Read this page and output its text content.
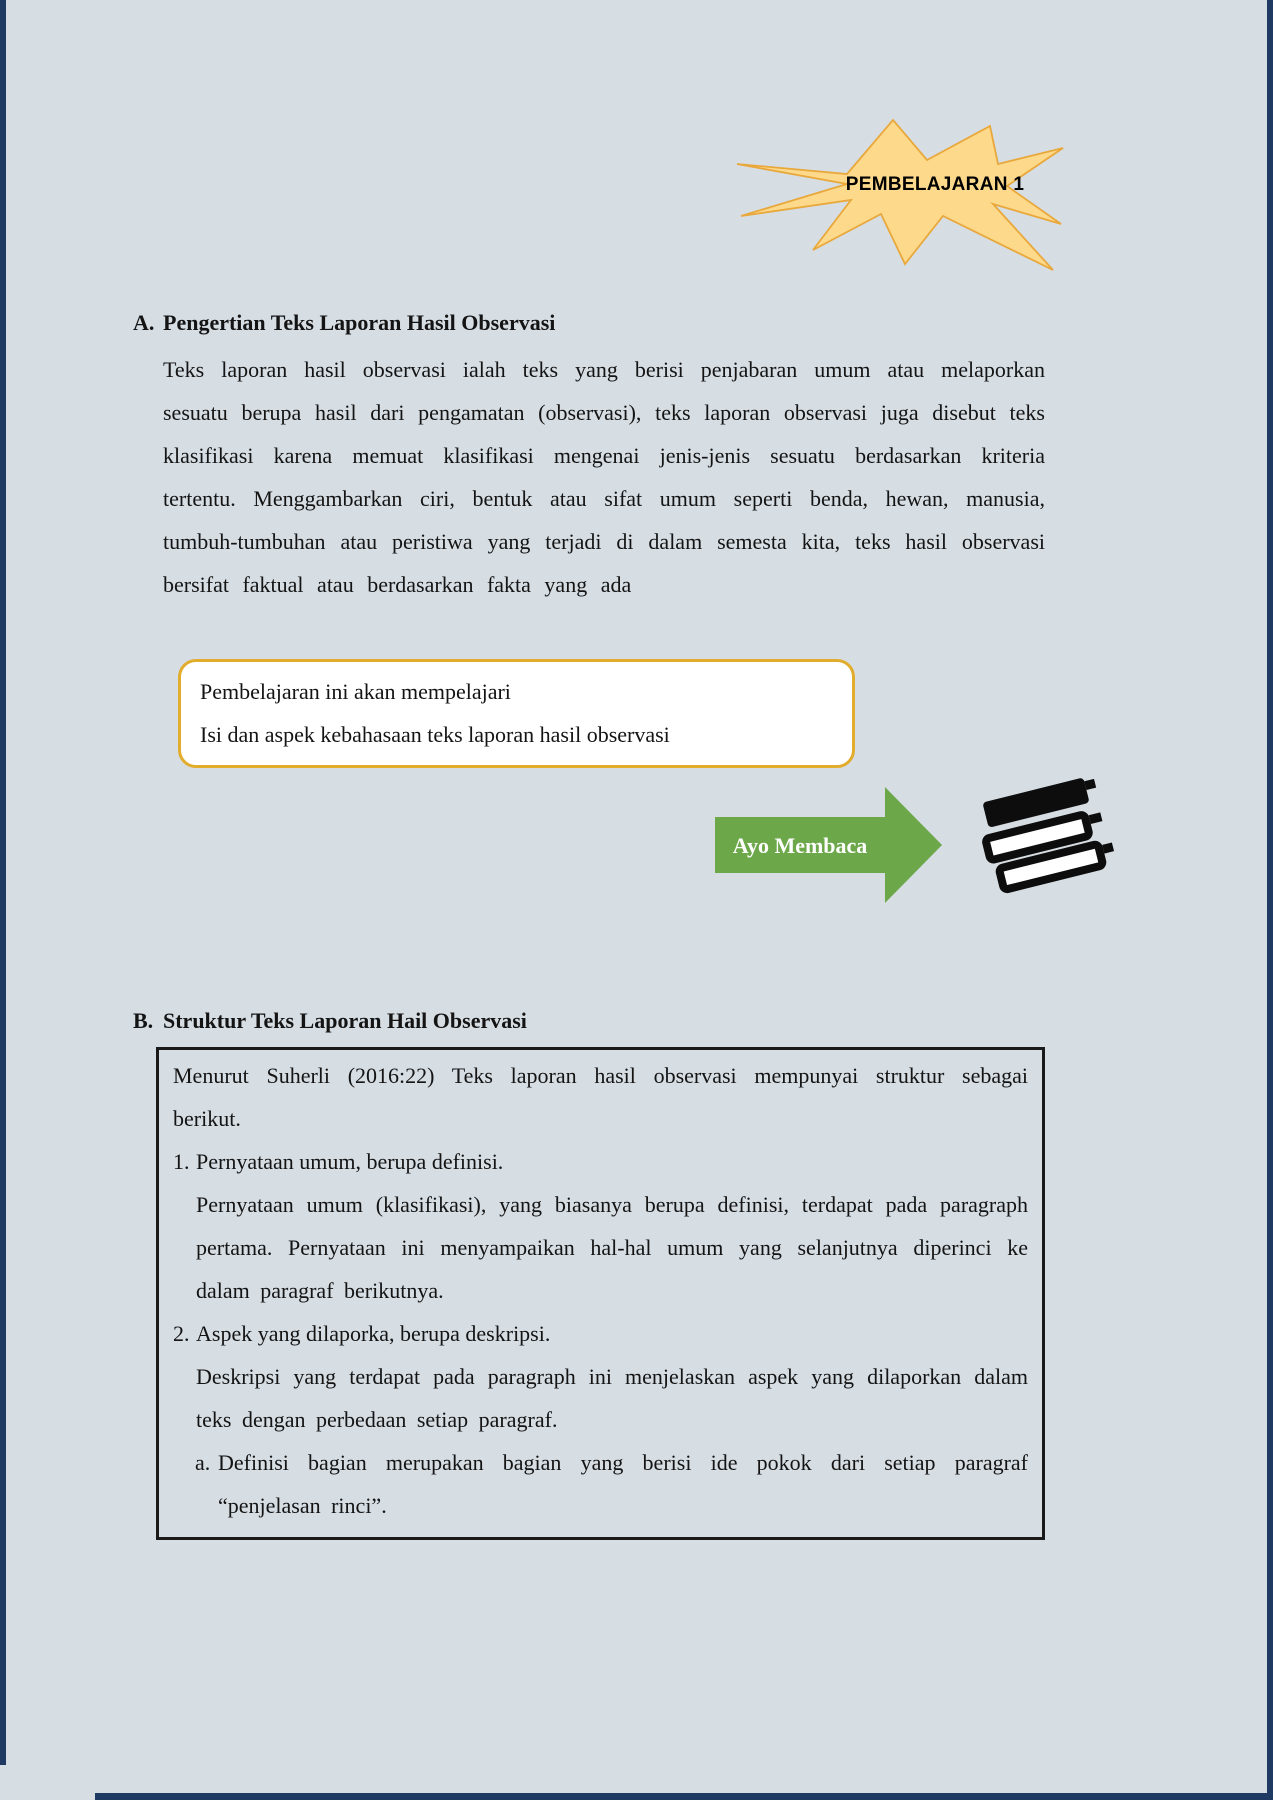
PEMBELAJARAN 1
A. Pengertian Teks Laporan Hasil Observasi
Teks laporan hasil observasi ialah teks yang berisi penjabaran umum atau melaporkan sesuatu berupa hasil dari pengamatan (observasi), teks laporan observasi juga disebut teks klasifikasi karena memuat klasifikasi mengenai jenis-jenis sesuatu berdasarkan kriteria tertentu. Menggambarkan ciri, bentuk atau sifat umum seperti benda, hewan, manusia, tumbuh-tumbuhan atau peristiwa yang terjadi di dalam semesta kita, teks hasil observasi bersifat faktual atau berdasarkan fakta yang ada
Pembelajaran ini akan mempelajari
Isi dan aspek kebahasaan teks laporan hasil observasi
Ayo Membaca
B. Struktur Teks Laporan Hail Observasi
Menurut Suherli (2016:22) Teks laporan hasil observasi mempunyai struktur sebagai berikut.
1. Pernyataan umum, berupa definisi.
Pernyataan umum (klasifikasi), yang biasanya berupa definisi, terdapat pada paragraph pertama. Pernyataan ini menyampaikan hal-hal umum yang selanjutnya diperinci ke dalam paragraf berikutnya.
2. Aspek yang dilaporka, berupa deskripsi.
Deskripsi yang terdapat pada paragraph ini menjelaskan aspek yang dilaporkan dalam teks dengan perbedaan setiap paragraf.
a. Definisi bagian merupakan bagian yang berisi ide pokok dari setiap paragraf “penjelasan rinci”.
